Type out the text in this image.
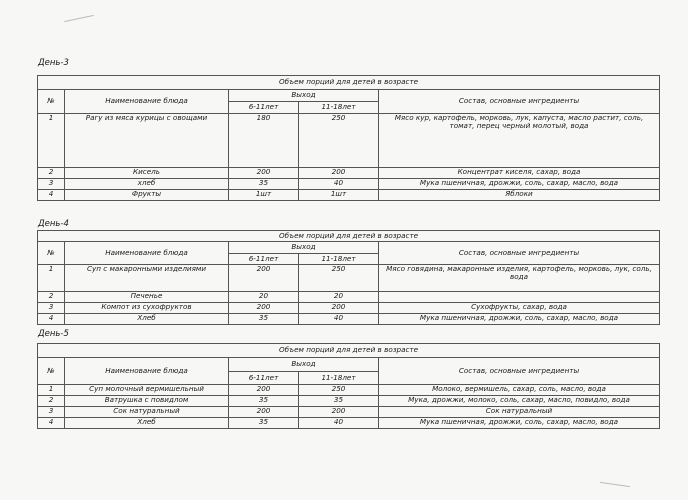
День-3
Объем порций для детей в возрасте				
№	Наименование блюда	Выход		Состав, основные ингредиенты
		6-11лет	11-18лет	
1	Рагу из мяса курицы с овощами	180	250	Мясо кур, картофель, морковь, лук, капуста, масло растит, соль, томат, перец черный молотый, вода
2	Кисель	200	200	Концентрат киселя, сахар, вода
3	хлеб	35	40	Мука пшеничная, дрожжи, соль, сахар, масло, вода
4	Фрукты	1шт	1шт	Яблоки
День-4
Объем порций для детей в возрасте				
№	Наименование блюда	Выход		Состав, основные ингредиенты
		6-11лет	11-18лет	
1	Суп с макаронными изделиями	200	250	Мясо говядина, макаронные изделия, картофель, морковь, лук, соль, вода
2	Печенье	20	20	
3	Компот из сухофруктов	200	200	Сухофрукты, сахар, вода
4	Хлеб	35	40	Мука пшеничная, дрожжи, соль, сахар, масло, вода
День-5
Объем порций для детей в возрасте				
№	Наименование блюда	Выход		Состав, основные ингредиенты
		6-11лет	11-18лет	
1	Суп молочный вермишельный	200	250	Молоко, вермишель, сахар, соль, масло, вода
2	Ватрушка с повидлом	35	35	Мука, дрожжи, молоко, соль, сахар, масло, повидло, вода
3	Сок натуральный	200	200	Сок натуральный
4	Хлеб	35	40	Мука пшеничная, дрожжи, соль, сахар, масло, вода
